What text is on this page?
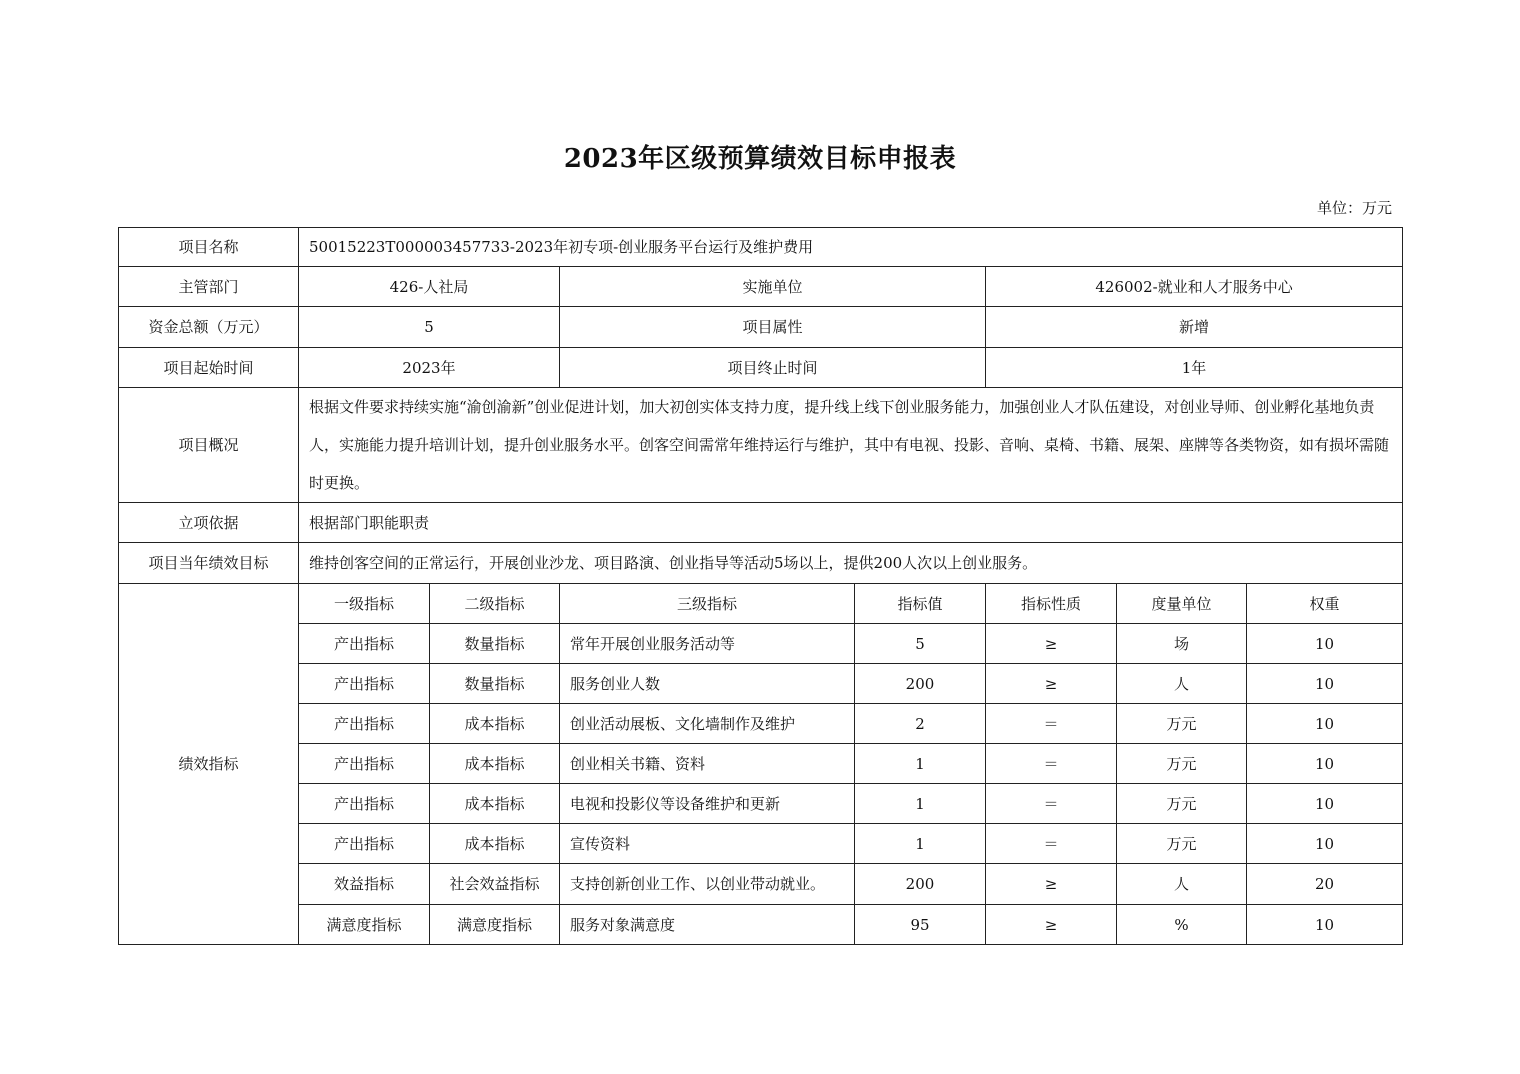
2023年区级预算绩效目标申报表
单位：万元
项目名称	50015223T000003457733-2023年初专项-创业服务平台运行及维护费用						
主管部门	426-人社局		实施单位		426002-就业和人才服务中心		
资金总额（万元）	5		项目属性		新增		
项目起始时间	2023年		项目终止时间		1年		
项目概况	根据文件要求持续实施“渝创渝新”创业促进计划，加大初创实体支持力度，提升线上线下创业服务能力，加强创业人才队伍建设，对创业导师、创业孵化基地负责人，实施能力提升培训计划，提升创业服务水平。创客空间需常年维持运行与维护，其中有电视、投影、音响、桌椅、书籍、展架、座牌等各类物资，如有损坏需随时更换。						
立项依据	根据部门职能职责						
项目当年绩效目标	维持创客空间的正常运行，开展创业沙龙、项目路演、创业指导等活动5场以上，提供200人次以上创业服务。						
绩效指标	一级指标	二级指标	三级指标	指标值	指标性质	度量单位	权重
	产出指标	数量指标	常年开展创业服务活动等	5	≥	场	10
	产出指标	数量指标	服务创业人数	200	≥	人	10
	产出指标	成本指标	创业活动展板、文化墙制作及维护	2	＝	万元	10
	产出指标	成本指标	创业相关书籍、资料	1	＝	万元	10
	产出指标	成本指标	电视和投影仪等设备维护和更新	1	＝	万元	10
	产出指标	成本指标	宣传资料	1	＝	万元	10
	效益指标	社会效益指标	支持创新创业工作、以创业带动就业。	200	≥	人	20
	满意度指标	满意度指标	服务对象满意度	95	≥	%	10
